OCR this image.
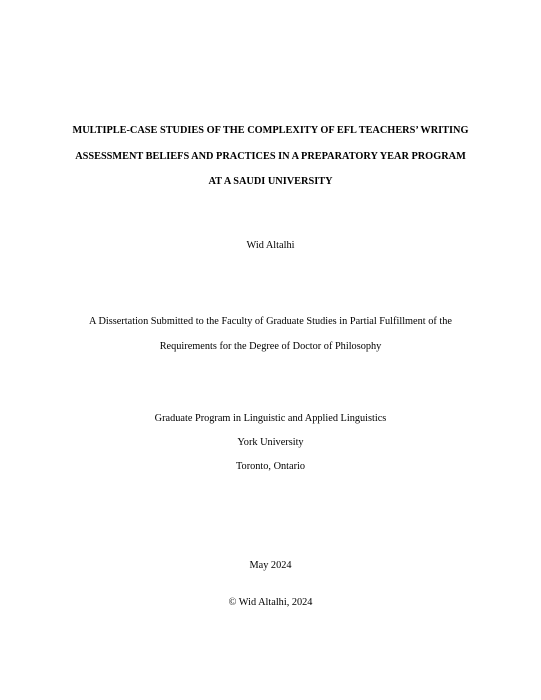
MULTIPLE-CASE STUDIES OF THE COMPLEXITY OF EFL TEACHERS’ WRITING
ASSESSMENT BELIEFS AND PRACTICES IN A PREPARATORY YEAR PROGRAM
AT A SAUDI UNIVERSITY
Wid Altalhi
A Dissertation Submitted to the Faculty of Graduate Studies in Partial Fulfillment of the
Requirements for the Degree of Doctor of Philosophy
Graduate Program in Linguistic and Applied Linguistics
York University
Toronto, Ontario
May 2024
© Wid Altalhi, 2024
